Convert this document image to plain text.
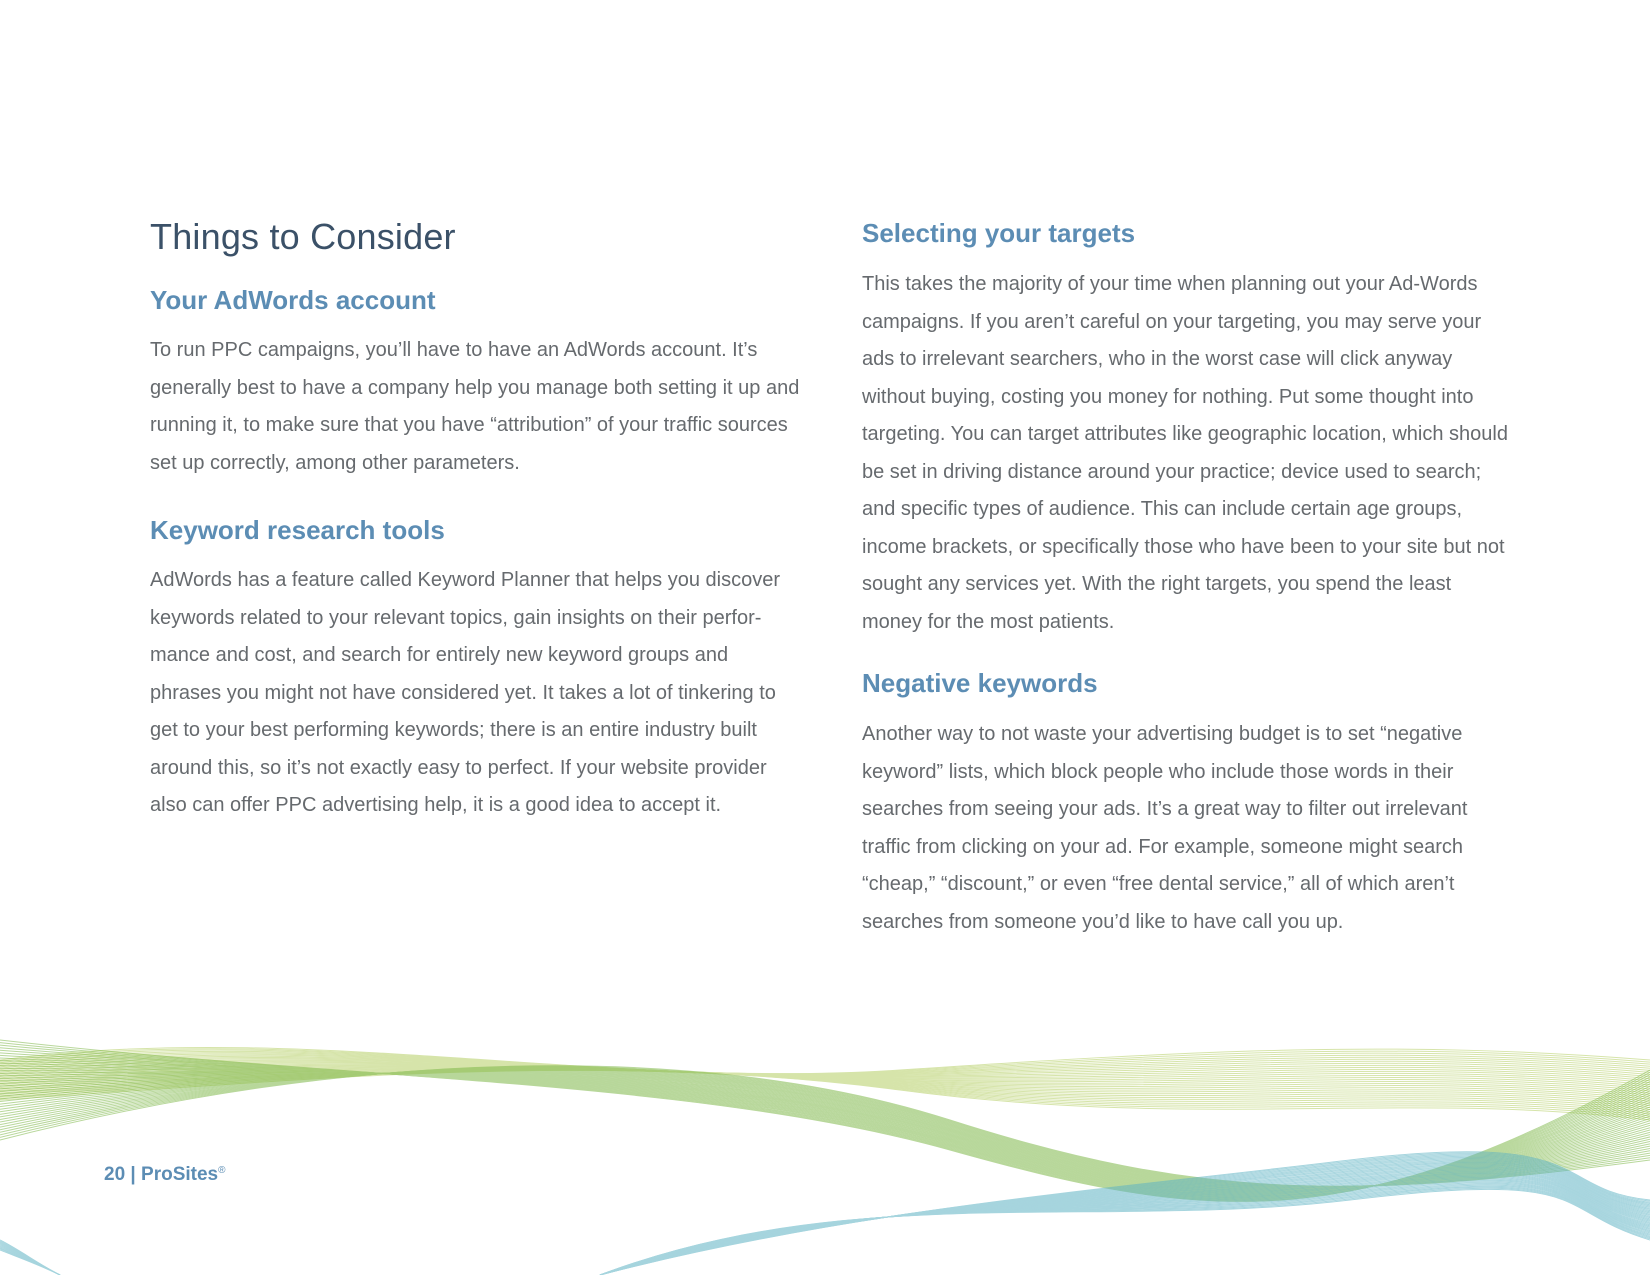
Things to Consider
Your AdWords account

To run PPC campaigns, you’ll have to have an AdWords account. It’s generally best to have a company help you manage both setting it up and running it, to make sure that you have “attribution” of your traffic sources set up correctly, among other parameters.

Keyword research tools

AdWords has a feature called Keyword Planner that helps you discover keywords related to your relevant topics, gain insights on their perfor-mance and cost, and search for entirely new keyword groups and phrases you might not have considered yet. It takes a lot of tinkering to get to your best performing keywords; there is an entire industry built around this, so it’s not exactly easy to perfect. If your website provider also can offer PPC advertising help, it is a good idea to accept it.

Selecting your targets

This takes the majority of your time when planning out your Ad-Words campaigns. If you aren’t careful on your targeting, you may serve your ads to irrelevant searchers, who in the worst case will click anyway without buying, costing you money for nothing. Put some thought into targeting. You can target attributes like geographic location, which should be set in driving distance around your practice; device used to search; and specific types of audience. This can include certain age groups, income brackets, or specifically those who have been to your site but not sought any services yet. With the right targets, you spend the least money for the most patients.

Negative keywords

Another way to not waste your advertising budget is to set “negative keyword” lists, which block people who include those words in their searches from seeing your ads. It’s a great way to filter out irrelevant traffic from clicking on your ad. For example, someone might search “cheap,” “discount,” or even “free dental service,” all of which aren’t searches from someone you’d like to have call you up.

20 | ProSites®
